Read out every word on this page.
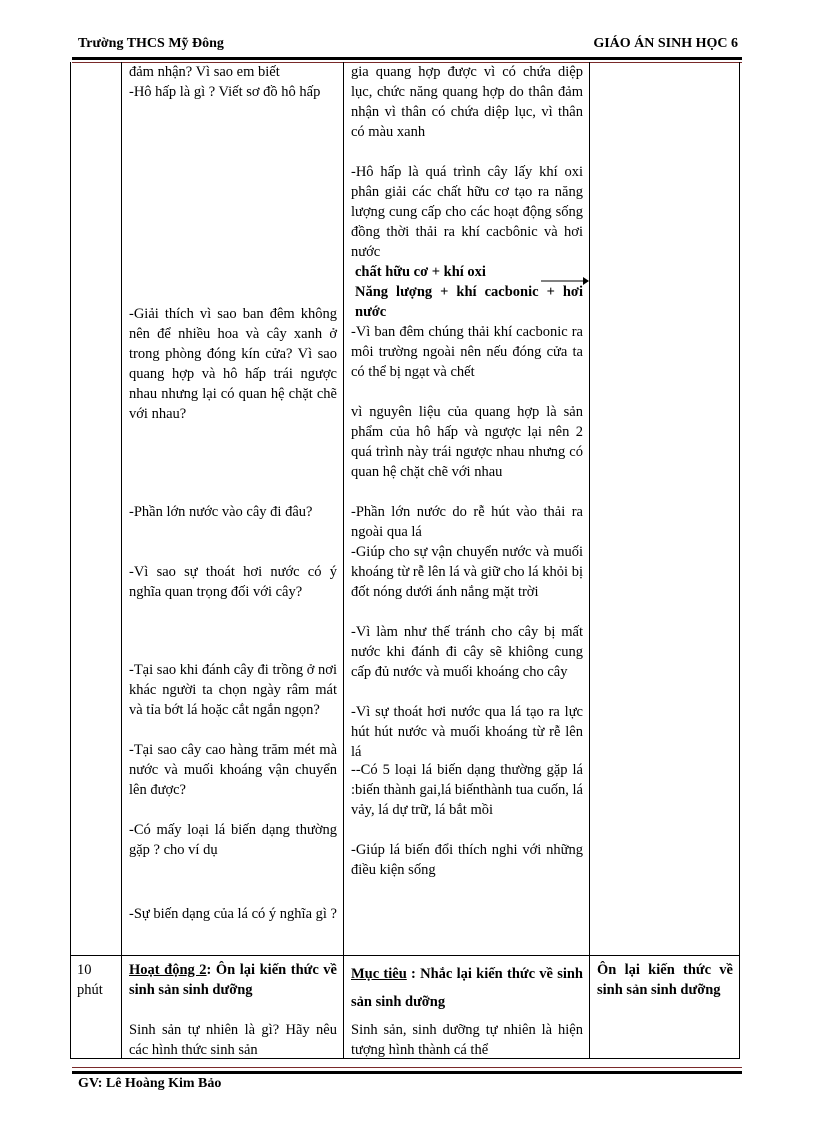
Trường THCS Mỹ Đông	GIÁO ÁN SINH HỌC 6
đảm nhận? Vì sao em biết
-Hô hấp là gì ? Viết sơ đồ hô hấp
-Giải thích vì sao ban đêm không nên để nhiều hoa và cây xanh ở trong phòng đóng kín cửa? Vì sao quang hợp và hô hấp trái ngược nhau nhưng lại có quan hệ chặt chẽ với nhau?
-Phần lớn nước vào cây đi đâu?
-Vì sao sự thoát hơi nước có ý nghĩa quan trọng đối với cây?
-Tại sao khi đánh cây đi trồng ở nơi khác người ta chọn ngày râm mát và tỉa bớt lá hoặc cắt ngắn ngọn?
-Tại sao cây cao hàng trăm mét mà nước và muối khoáng vận chuyển lên được?
-Có mấy loại lá biến dạng thường gặp ? cho ví dụ
-Sự biến dạng của lá có ý nghĩa gì ?
gia quang hợp được vì có chứa diệp lục, chức năng quang hợp do thân đảm nhận vì thân có chứa diệp lục, vì thân có màu xanh
-Hô hấp là quá trình cây lấy khí oxi phân giải các chất hữu cơ tạo ra năng lượng cung cấp cho các hoạt động sống đồng thời thải ra khí cacbônic và hơi nước
chất hữu cơ + khí oxi
Năng lượng + khí cacbonic + hơi nước
-Vì ban đêm chúng thải khí cacbonic ra môi trường ngoài nên nếu đóng cửa ta có thể bị ngạt và chết
vì nguyên liệu của quang hợp là sản phẩm của hô hấp và ngược lại nên 2 quá trình này trái ngược nhau nhưng có quan hệ chặt chẽ với nhau
-Phần lớn nước do rễ hút vào thải ra ngoài qua lá
-Giúp cho sự vận chuyển nước và muối khoáng từ rễ lên lá và giữ cho lá khỏi bị đốt nóng dưới ánh nắng mặt trời
-Vì làm như thế tránh cho cây bị mất nước khi đánh đi cây sẽ khiông cung cấp đủ nước và muối khoáng cho cây
-Vì sự thoát hơi nước qua lá tạo ra lực hút hút nước và muối khoáng từ rễ lên lá
--Có 5 loại lá biến dạng thường gặp lá :biến thành gai,lá biếnthành tua cuốn, lá vảy, lá dự trữ, lá bắt mồi
-Giúp lá biến đổi thích nghi với những điều kiện sống
10
phút
Hoạt động 2: Ôn lại kiến thức về sinh sản sinh dưỡng
Sinh sản tự nhiên là gì? Hãy nêu các hình thức sinh sản
Mục tiêu : Nhắc lại kiến thức về sinh sản sinh dưỡng
Sinh sản, sinh dưỡng tự nhiên là hiện tượng hình thành cá thể
Ôn lại kiến thức về sinh sản sinh dưỡng
GV: Lê Hoàng Kim Bảo
